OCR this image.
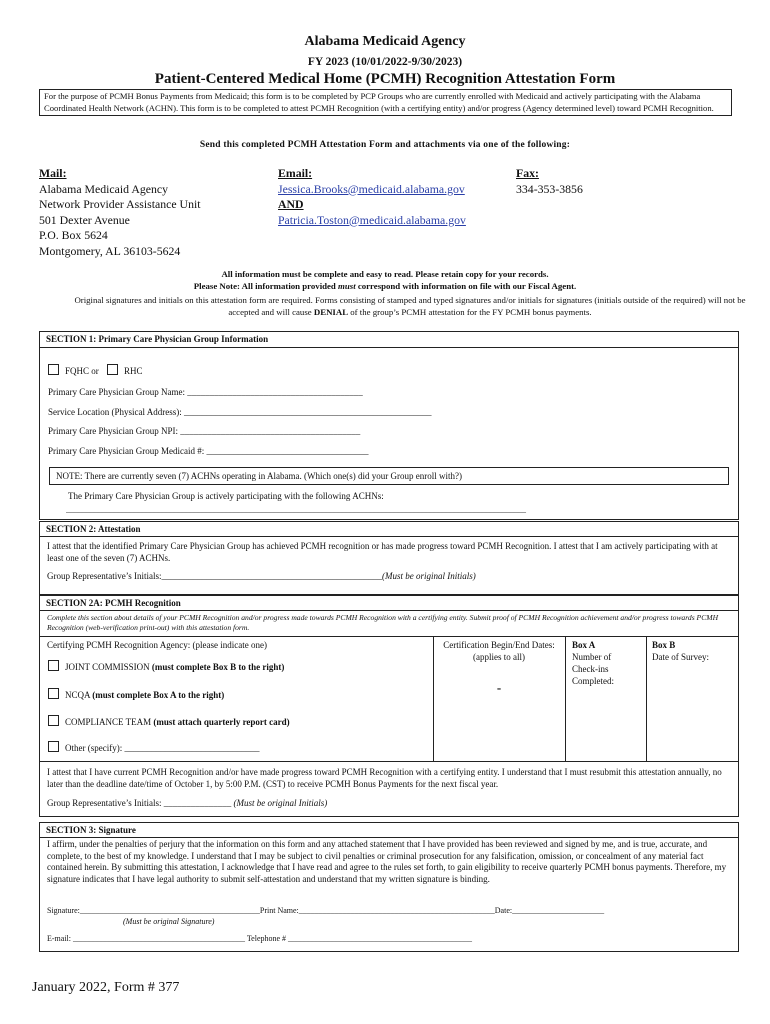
Alabama Medicaid Agency
FY 2023 (10/01/2022-9/30/2023)
Patient-Centered Medical Home (PCMH) Recognition Attestation Form
For the purpose of PCMH Bonus Payments from Medicaid; this form is to be completed by PCP Groups who are currently enrolled with Medicaid and actively participating with the Alabama Coordinated Health Network (ACHN). This form is to be completed to attest PCMH Recognition (with a certifying entity) and/or progress (Agency determined level) toward PCMH Recognition.
Send this completed PCMH Attestation Form and attachments via one of the following:
Mail:
Alabama Medicaid Agency
Network Provider Assistance Unit
501 Dexter Avenue
P.O. Box 5624
Montgomery, AL 36103-5624
Email:
Jessica.Brooks@medicaid.alabama.gov
AND
Patricia.Toston@medicaid.alabama.gov
Fax:
334-353-3856
All information must be complete and easy to read. Please retain copy for your records.
Please Note: All information provided must correspond with information on file with our Fiscal Agent.
Original signatures and initials on this attestation form are required. Forms consisting of stamped and typed signatures and/or initials for signatures (initials outside of the required) will not be accepted and will cause DENIAL of the group’s PCMH attestation for the FY PCMH bonus payments.
SECTION 1: Primary Care Physician Group Information
FQHC or	RHC
Primary Care Physician Group Name: _______________________________________
Service Location (Physical Address): _______________________________________________________
Primary Care Physician Group NPI: ________________________________________
Primary Care Physician Group Medicaid #: ____________________________________
NOTE: There are currently seven (7) ACHNs operating in Alabama. (Which one(s) did your Group enroll with?)
The Primary Care Physician Group is actively participating with the following ACHNs:
___________________________________________________________________________________________________________________
SECTION 2: Attestation
I attest that the identified Primary Care Physician Group has achieved PCMH recognition or has made progress toward PCMH Recognition. I attest that I am actively participating with at least one of the seven (7) ACHNs.
Group Representative’s Initials:_________________________________________________(Must be original Initials)
SECTION 2A: PCMH Recognition
Complete this section about details of your PCMH Recognition and/or progress made towards PCMH Recognition with a certifying entity. Submit proof of PCMH Recognition achievement and/or progress towards PCMH Recognition (web-verification print-out) with this attestation form.
Certifying PCMH Recognition Agency: (please indicate one)
JOINT COMMISSION (must complete Box B to the right)
NCQA (must complete Box A to the right)
COMPLIANCE TEAM (must attach quarterly report card)
Other (specify): ______________________________
Certification Begin/End Dates:
(applies to all)
-
Box A
Number of
Check-ins
Completed:
Box B
Date of Survey:
I attest that I have current PCMH Recognition and/or have made progress toward PCMH Recognition with a certifying entity. I understand that I must resubmit this attestation annually, no later than the deadline date/time of October 1, by 5:00 P.M. (CST) to receive PCMH Bonus Payments for the next fiscal year.
Group Representative’s Initials: _______________ (Must be original Initials)
SECTION 3: Signature
I affirm, under the penalties of perjury that the information on this form and any attached statement that I have provided has been reviewed and signed by me, and is true, accurate, and complete, to the best of my knowledge. I understand that I may be subject to civil penalties or criminal prosecution for any falsification, omission, or concealment of any material fact contained herein. By submitting this attestation, I acknowledge that I have read and agree to the rules set forth, to gain eligibility to receive quarterly PCMH bonus payments. Therefore, my signature indicates that I have legal authority to submit self-attestation and understand that my written signature is binding.
Signature:_____________________________________________Print Name:_________________________________________________Date:_______________________
(Must be original Signature)
E-mail: ___________________________________________ Telephone # ______________________________________________
January 2022, Form # 377
